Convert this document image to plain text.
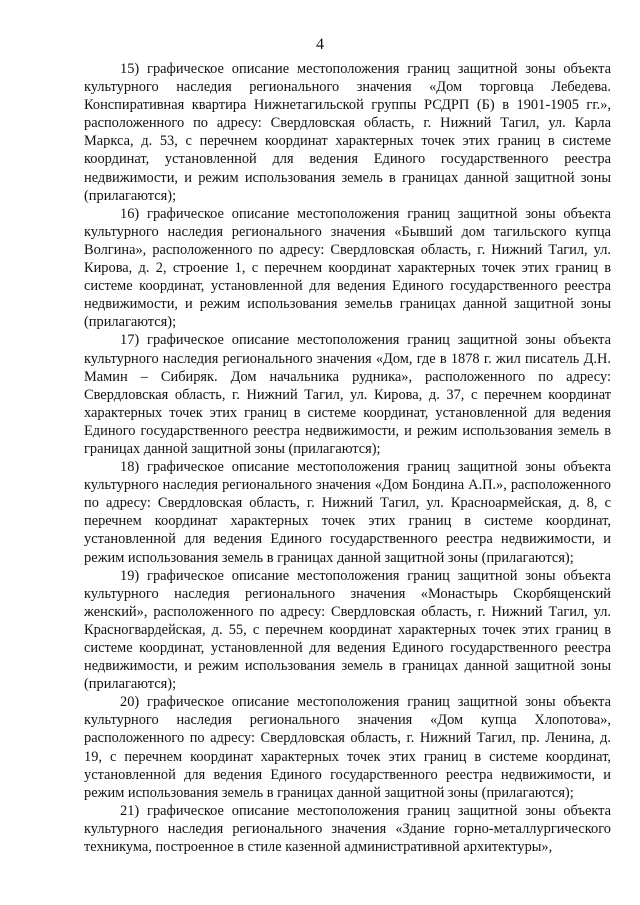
4

15) графическое описание местоположения границ защитной зоны объекта культурного наследия регионального значения «Дом торговца Лебедева. Конспиративная квартира Нижнетагильской группы РСДРП (Б) в 1901-1905 гг.», расположенного по адресу: Свердловская область, г. Нижний Тагил, ул. Карла Маркса, д. 53, с перечнем координат характерных точек этих границ в системе координат, установленной для ведения Единого государственного реестра недвижимости, и режим использования земель в границах данной защитной зоны (прилагаются);

16) графическое описание местоположения границ защитной зоны объекта культурного наследия регионального значения «Бывший дом тагильского купца Волгина», расположенного по адресу: Свердловская область, г. Нижний Тагил, ул. Кирова, д. 2, строение 1, с перечнем координат характерных точек этих границ в системе координат, установленной для ведения Единого государственного реестра недвижимости, и режим использования земельв границах данной защитной зоны (прилагаются);

17) графическое описание местоположения границ защитной зоны объекта культурного наследия регионального значения «Дом, где в 1878 г. жил писатель Д.Н. Мамин – Сибиряк. Дом начальника рудника», расположенного по адресу: Свердловская область, г. Нижний Тагил, ул. Кирова, д. 37, с перечнем координат характерных точек этих границ в системе координат, установленной для ведения Единого государственного реестра недвижимости, и режим использования земель в границах данной защитной зоны (прилагаются);

18) графическое описание местоположения границ защитной зоны объекта культурного наследия регионального значения «Дом Бондина А.П.», расположенного по адресу: Свердловская область, г. Нижний Тагил, ул. Красноармейская, д. 8, с перечнем координат характерных точек этих границ в системе координат, установленной для ведения Единого государственного реестра недвижимости, и режим использования земель в границах данной защитной зоны (прилагаются);

19) графическое описание местоположения границ защитной зоны объекта культурного наследия регионального значения «Монастырь Скорбященский женский», расположенного по адресу: Свердловская область, г. Нижний Тагил, ул. Красногвардейская, д. 55, с перечнем координат характерных точек этих границ в системе координат, установленной для ведения Единого государственного реестра недвижимости, и режим использования земель в границах данной защитной зоны (прилагаются);

20) графическое описание местоположения границ защитной зоны объекта культурного наследия регионального значения «Дом купца Хлопотова», расположенного по адресу: Свердловская область, г. Нижний Тагил, пр. Ленина, д. 19, с перечнем координат характерных точек этих границ в системе координат, установленной для ведения Единого государственного реестра недвижимости, и режим использования земель в границах данной защитной зоны (прилагаются);

21) графическое описание местоположения границ защитной зоны объекта культурного наследия регионального значения «Здание горно-металлургического техникума, построенное в стиле казенной административной архитектуры»,
